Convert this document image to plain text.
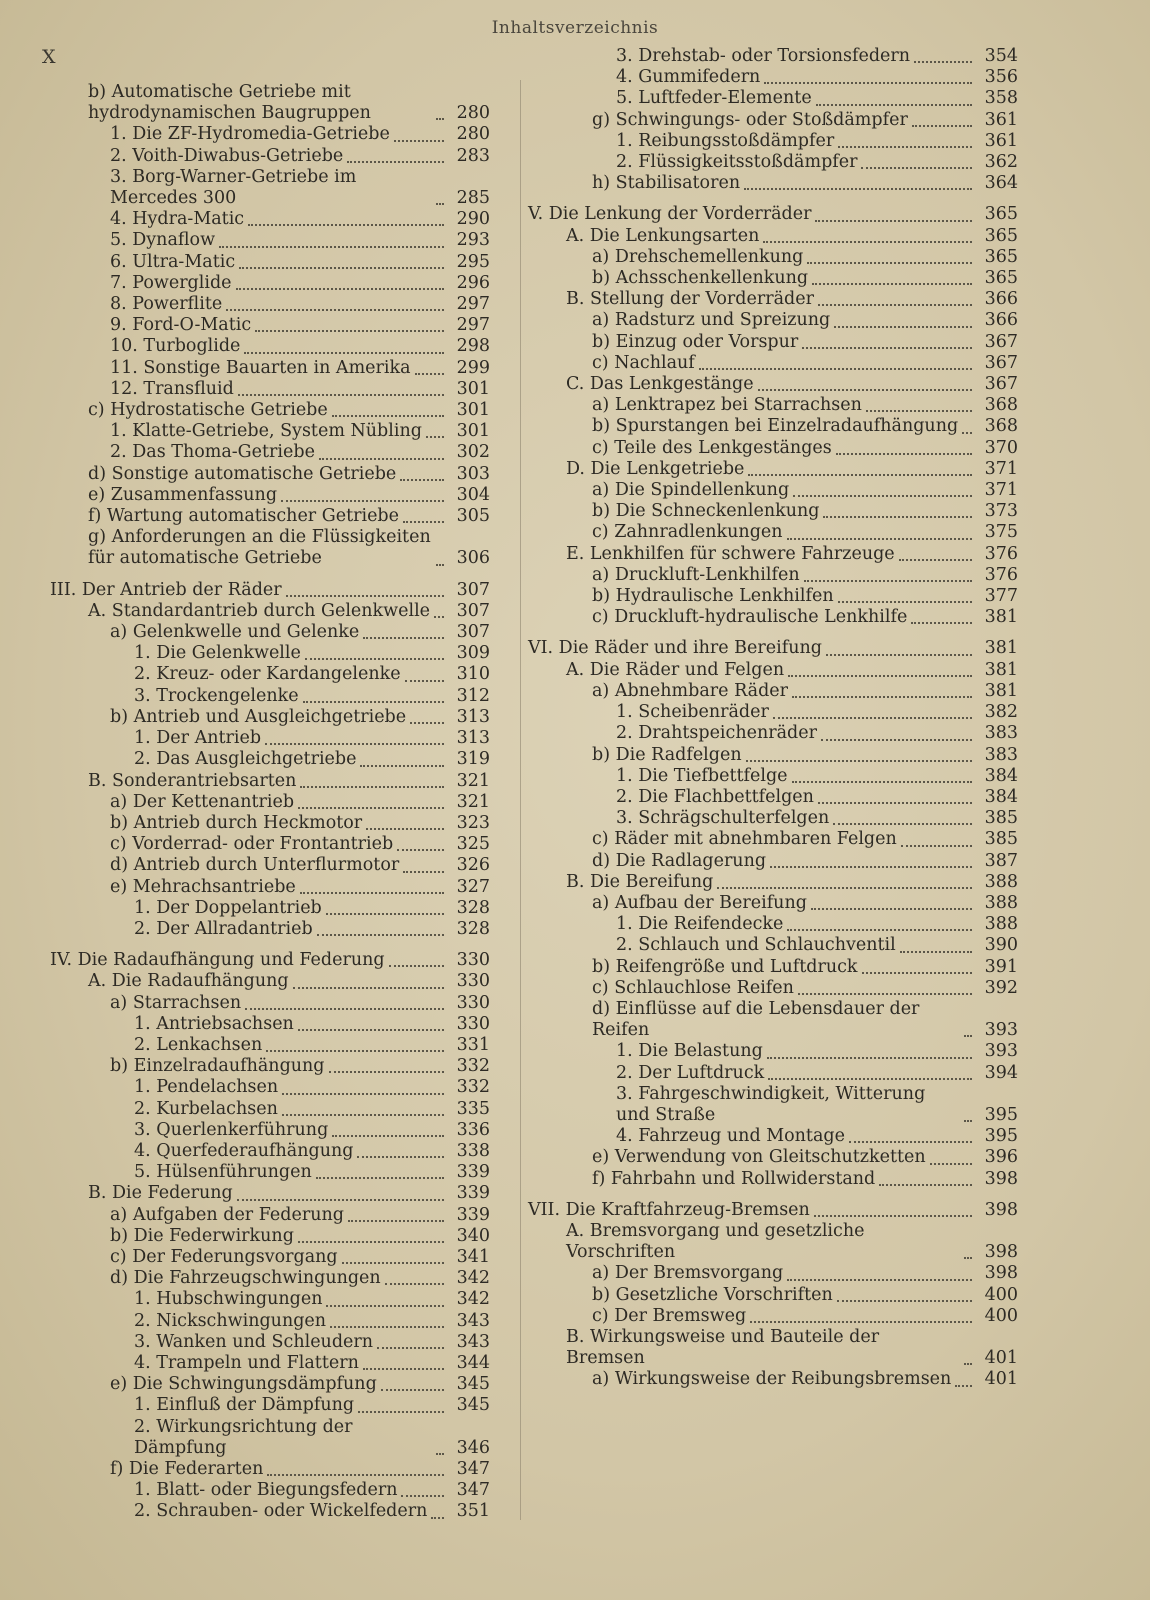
Inhaltsverzeichnis
X
b) Automatische Getriebe mit hydrodynamischen Baugruppen	280
1. Die ZF-Hydromedia-Getriebe	280
2. Voith-Diwabus-Getriebe	283
3. Borg-Warner-Getriebe im Mercedes 300	285
4. Hydra-Matic	290
5. Dynaflow	293
6. Ultra-Matic	295
7. Powerglide	296
8. Powerflite	297
9. Ford-O-Matic	297
10. Turboglide	298
11. Sonstige Bauarten in Amerika	299
12. Transfluid	301
c) Hydrostatische Getriebe	301
1. Klatte-Getriebe, System Nübling	301
2. Das Thoma-Getriebe	302
d) Sonstige automatische Getriebe	303
e) Zusammenfassung	304
f) Wartung automatischer Getriebe	305
g) Anforderungen an die Flüssigkeiten für automatische Getriebe	306
III. Der Antrieb der Räder	307
A. Standardantrieb durch Gelenkwelle	307
a) Gelenkwelle und Gelenke	307
1. Die Gelenkwelle	309
2. Kreuz- oder Kardangelenke	310
3. Trockengelenke	312
b) Antrieb und Ausgleichgetriebe	313
1. Der Antrieb	313
2. Das Ausgleichgetriebe	319
B. Sonderantriebsarten	321
a) Der Kettenantrieb	321
b) Antrieb durch Heckmotor	323
c) Vorderrad- oder Frontantrieb	325
d) Antrieb durch Unterflurmotor	326
e) Mehrachsantriebe	327
1. Der Doppelantrieb	328
2. Der Allradantrieb	328
IV. Die Radaufhängung und Federung	330
A. Die Radaufhängung	330
a) Starrachsen	330
1. Antriebsachsen	330
2. Lenkachsen	331
b) Einzelradaufhängung	332
1. Pendelachsen	332
2. Kurbelachsen	335
3. Querlenkerführung	336
4. Querfederaufhängung	338
5. Hülsenführungen	339
B. Die Federung	339
a) Aufgaben der Federung	339
b) Die Federwirkung	340
c) Der Federungsvorgang	341
d) Die Fahrzeugschwingungen	342
1. Hubschwingungen	342
2. Nickschwingungen	343
3. Wanken und Schleudern	343
4. Trampeln und Flattern	344
e) Die Schwingungsdämpfung	345
1. Einfluß der Dämpfung	345
2. Wirkungsrichtung der Dämpfung	346
f) Die Federarten	347
1. Blatt- oder Biegungsfedern	347
2. Schrauben- oder Wickelfedern	351
3. Drehstab- oder Torsionsfedern	354
4. Gummifedern	356
5. Luftfeder-Elemente	358
g) Schwingungs- oder Stoßdämpfer	361
1. Reibungsstoßdämpfer	361
2. Flüssigkeitsstoßdämpfer	362
h) Stabilisatoren	364
V. Die Lenkung der Vorderräder	365
A. Die Lenkungsarten	365
a) Drehschemellenkung	365
b) Achsschenkellenkung	365
B. Stellung der Vorderräder	366
a) Radsturz und Spreizung	366
b) Einzug oder Vorspur	367
c) Nachlauf	367
C. Das Lenkgestänge	367
a) Lenktrapez bei Starrachsen	368
b) Spurstangen bei Einzelradaufhängung	368
c) Teile des Lenkgestänges	370
D. Die Lenkgetriebe	371
a) Die Spindellenkung	371
b) Die Schneckenlenkung	373
c) Zahnradlenkungen	375
E. Lenkhilfen für schwere Fahrzeuge	376
a) Druckluft-Lenkhilfen	376
b) Hydraulische Lenkhilfen	377
c) Druckluft-hydraulische Lenkhilfe	381
VI. Die Räder und ihre Bereifung	381
A. Die Räder und Felgen	381
a) Abnehmbare Räder	381
1. Scheibenräder	382
2. Drahtspeichenräder	383
b) Die Radfelgen	383
1. Die Tiefbettfelge	384
2. Die Flachbettfelgen	384
3. Schrägschulterfelgen	385
c) Räder mit abnehmbaren Felgen	385
d) Die Radlagerung	387
B. Die Bereifung	388
a) Aufbau der Bereifung	388
1. Die Reifendecke	388
2. Schlauch und Schlauchventil	390
b) Reifengröße und Luftdruck	391
c) Schlauchlose Reifen	392
d) Einflüsse auf die Lebensdauer der Reifen	393
1. Die Belastung	393
2. Der Luftdruck	394
3. Fahrgeschwindigkeit, Witterung und Straße	395
4. Fahrzeug und Montage	395
e) Verwendung von Gleitschutzketten	396
f) Fahrbahn und Rollwiderstand	398
VII. Die Kraftfahrzeug-Bremsen	398
A. Bremsvorgang und gesetzliche Vorschriften	398
a) Der Bremsvorgang	398
b) Gesetzliche Vorschriften	400
c) Der Bremsweg	400
B. Wirkungsweise und Bauteile der Bremsen	401
a) Wirkungsweise der Reibungsbremsen	401
